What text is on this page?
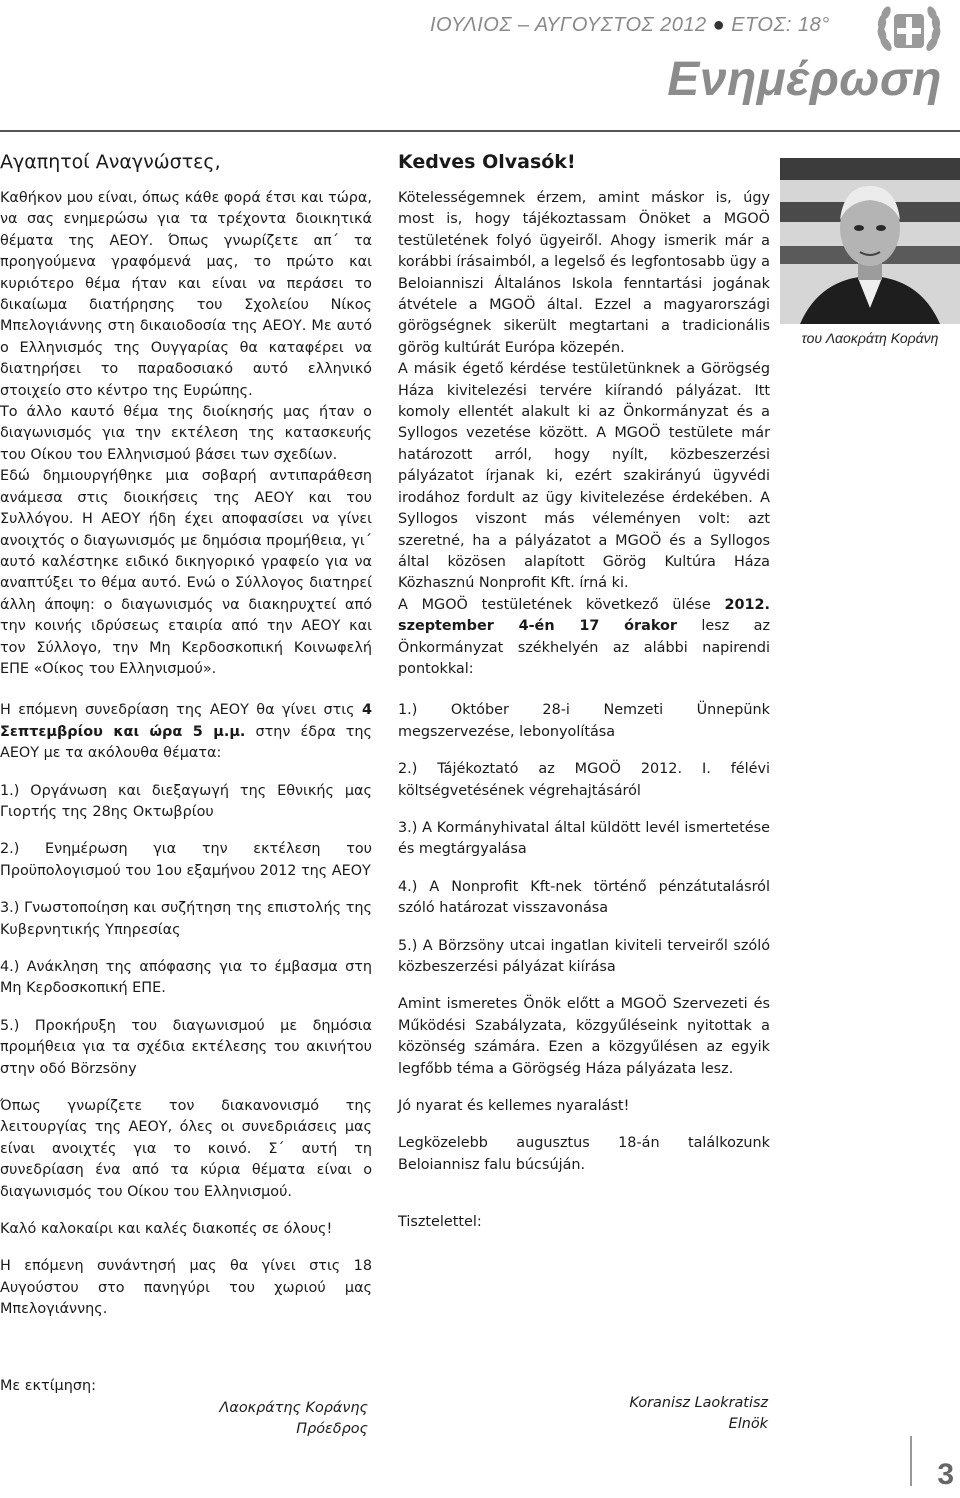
ΙΟΥΛΙΟΣ – ΑΥΓΟΥΣΤΟΣ 2012 ● ΕΤΟΣ: 18°
Ενημέρωση
Αγαπητοί Αναγνώστες,

Καθήκον μου είναι, όπως κάθε φορά έτσι και τώρα, να σας ενημερώσω για τα τρέχοντα διοικητικά θέματα της ΑΕΟΥ. Όπως γνωρίζετε απ΄ τα προηγούμενα γραφόμενά μας, το πρώτο και κυριότερο θέμα ήταν και είναι να περάσει το δικαίωμα διατήρησης του Σχολείου Νίκος Μπελογιάννης στη δικαιοδοσία της ΑΕΟΥ. Με αυτό ο Ελληνισμός της Ουγγαρίας θα καταφέρει να διατηρήσει το παραδοσιακό αυτό ελληνικό στοιχείο στο κέντρο της Ευρώπης.

Το άλλο καυτό θέμα της διοίκησής μας ήταν ο διαγωνισμός για την εκτέλεση της κατασκευής του Οίκου του Ελληνισμού βάσει των σχεδίων.

Εδώ δημιουργήθηκε μια σοβαρή αντιπαράθεση ανάμεσα στις διοικήσεις της ΑΕΟΥ και του Συλλόγου. Η ΑΕΟΥ ήδη έχει αποφασίσει να γίνει ανοιχτός ο διαγωνισμός με δημόσια προμήθεια, γι΄ αυτό καλέστηκε ειδικό δικηγορικό γραφείο για να αναπτύξει το θέμα αυτό. Ενώ ο Σύλλογος διατηρεί άλλη άποψη: ο διαγωνισμός να διακηρυχτεί από την κοινής ιδρύσεως εταιρία από την ΑΕΟΥ και τον Σύλλογο, την Μη Κερδοσκοπική Κοινωφελή ΕΠΕ «Οίκος του Ελληνισμού».

Η επόμενη συνεδρίαση της ΑΕΟΥ θα γίνει στις 4 Σεπτεμβρίου και ώρα 5 μ.μ. στην έδρα της ΑΕΟΥ με τα ακόλουθα θέματα:

1.) Οργάνωση και διεξαγωγή της Εθνικής μας Γιορτής της 28ης Οκτωβρίου

2.) Ενημέρωση για την εκτέλεση του Προϋπολογισμού του 1ου εξαμήνου 2012 της ΑΕΟΥ

3.) Γνωστοποίηση και συζήτηση της επιστολής της Κυβερνητικής Υπηρεσίας

4.) Ανάκληση της απόφασης για το έμβασμα στη Μη Κερδοσκοπική ΕΠΕ.

5.) Προκήρυξη του διαγωνισμού με δημόσια προμήθεια για τα σχέδια εκτέλεσης του ακινήτου στην οδό Börzsöny

Όπως γνωρίζετε τον διακανονισμό της λειτουργίας της ΑΕΟΥ, όλες οι συνεδριάσεις μας είναι ανοιχτές για το κοινό. Σ΄ αυτή τη συνεδρίαση ένα από τα κύρια θέματα είναι ο διαγωνισμός του Οίκου του Ελληνισμού.

Καλό καλοκαίρι και καλές διακοπές σε όλους!

Η επόμενη συνάντησή μας θα γίνει στις 18 Αυγούστου στο πανηγύρι του χωριού μας Μπελογιάννης.

Με εκτίμηση:
Λαοκράτης Κοράνης
Πρόεδρος
Kedves Olvasók!

Kötelességemnek érzem, amint máskor is, úgy most is, hogy tájékoztassam Önöket a MGOÖ testületének folyó ügyeiről. Ahogy ismerik már a korábbi írásaimból, a legelső és legfontosabb ügy a Beloianniszi Általános Iskola fenntartási jogának átvétele a MGOÖ által. Ezzel a magyarországi görögségnek sikerült megtartani a tradicionális görög kultúrát Európa közepén.

A másik égető kérdése testületünknek a Görögség Háza kivitelezési tervére kiírandó pályázat. Itt komoly ellentét alakult ki az Önkormányzat és a Syllogos vezetése között. A MGOÖ testülete már határozott arról, hogy nyílt, közbeszerzési pályázatot írjanak ki, ezért szakirányú ügyvédi irodához fordult az ügy kivitelezése érdekében. A Syllogos viszont más véleményen volt: azt szeretné, ha a pályázatot a MGOÖ és a Syllogos által közösen alapított Görög Kultúra Háza Közhasznú Nonprofit Kft. írná ki.

A MGOÖ testületének következő ülése 2012. szeptember 4-én 17 órakor lesz az Önkormányzat székhelyén az alábbi napirendi pontokkal:

1.) Október 28-i Nemzeti Ünnepünk megszervezése, lebonyolítása

2.) Tájékoztató az MGOÖ 2012. I. félévi költségvetésének végrehajtásáról

3.) A Kormányhivatal által küldött levél ismertetése és megtárgyalása

4.) A Nonprofit Kft-nek történő pénzátutalásról szóló határozat visszavonása

5.) A Börzsöny utcai ingatlan kiviteli terveiről szóló közbeszerzési pályázat kiírása

Amint ismeretes Önök előtt a MGOÖ Szervezeti és Működési Szabályzata, közgyűléseink nyitottak a közönség számára. Ezen a közgyűlésen az egyik legfőbb téma a Görögség Háza pályázata lesz.

Jó nyarat és kellemes nyaralást!

Legközelebb augusztus 18-án találkozunk Beloiannisz falu búcsúján.

Tisztelettel:

Koranisz Laokratisz
Elnök
του Λαοκράτη Κοράνη
3
